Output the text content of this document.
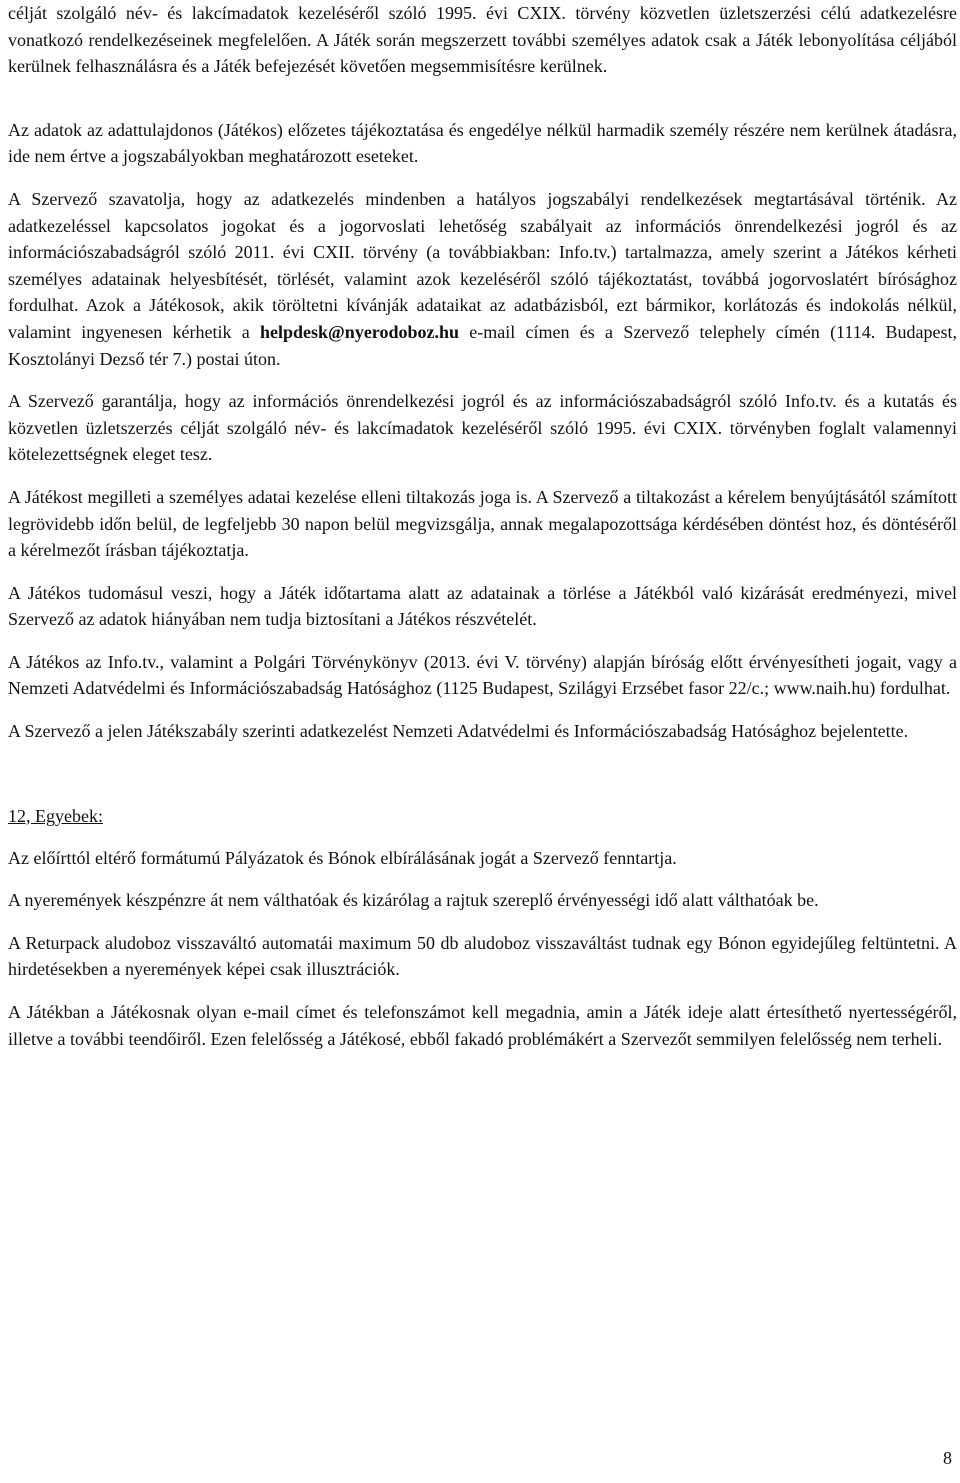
célját szolgáló név- és lakcímadatok kezeléséről szóló 1995. évi CXIX. törvény közvetlen üzletszerzési célú adatkezelésre vonatkozó rendelkezéseinek megfelelően. A Játék során megszerzett további személyes adatok csak a Játék lebonyolítása céljából kerülnek felhasználásra és a Játék befejezését követően megsemmisítésre kerülnek.

Az adatok az adattulajdonos (Játékos) előzetes tájékoztatása és engedélye nélkül harmadik személy részére nem kerülnek átadásra, ide nem értve a jogszabályokban meghatározott eseteket.

A Szervező szavatolja, hogy az adatkezelés mindenben a hatályos jogszabályi rendelkezések megtartásával történik. Az adatkezeléssel kapcsolatos jogokat és a jogorvoslati lehetőség szabályait az információs önrendelkezési jogról és az információszabadságról szóló 2011. évi CXII. törvény (a továbbiakban: Info.tv.) tartalmazza, amely szerint a Játékos kérheti személyes adatainak helyesbítését, törlését, valamint azok kezeléséről szóló tájékoztatást, továbbá jogorvoslatért bírósághoz fordulhat. Azok a Játékosok, akik töröltetni kívánják adataikat az adatbázisból, ezt bármikor, korlátozás és indokolás nélkül, valamint ingyenesen kérhetik a helpdesk@nyerodoboz.hu e-mail címen és a Szervező telephely címén (1114. Budapest, Kosztolányi Dezső tér 7.) postai úton.

A Szervező garantálja, hogy az információs önrendelkezési jogról és az információszabadságról szóló Info.tv. és a kutatás és közvetlen üzletszerzés célját szolgáló név- és lakcímadatok kezeléséről szóló 1995. évi CXIX. törvényben foglalt valamennyi kötelezettségnek eleget tesz.

A Játékost megilleti a személyes adatai kezelése elleni tiltakozás joga is. A Szervező a tiltakozást a kérelem benyújtásától számított legrövidebb időn belül, de legfeljebb 30 napon belül megvizsgálja, annak megalapozottsága kérdésében döntést hoz, és döntéséről a kérelmezőt írásban tájékoztatja.

A Játékos tudomásul veszi, hogy a Játék időtartama alatt az adatainak a törlése a Játékból való kizárását eredményezi, mivel Szervező az adatok hiányában nem tudja biztosítani a Játékos részvételét.

A Játékos az Info.tv., valamint a Polgári Törvénykönyv (2013. évi V. törvény) alapján bíróság előtt érvényesítheti jogait, vagy a Nemzeti Adatvédelmi és Információszabadság Hatósághoz (1125 Budapest, Szilágyi Erzsébet fasor 22/c.; www.naih.hu) fordulhat.

A Szervező a jelen Játékszabály szerinti adatkezelést Nemzeti Adatvédelmi és Információszabadság Hatósághoz bejelentette.

12, Egyebek:

Az előírttól eltérő formátumú Pályázatok és Bónok elbírálásának jogát a Szervező fenntartja.

A nyeremények készpénzre át nem válthatóak és kizárólag a rajtuk szereplő érvényességi idő alatt válthatóak be.

A Returpack aludoboz visszaváltó automatái maximum 50 db aludoboz visszaváltást tudnak egy Bónon egyidejűleg feltüntetni. A hirdetésekben a nyeremények képei csak illusztrációk.

A Játékban a Játékosnak olyan e-mail címet és telefonszámot kell megadnia, amin a Játék ideje alatt értesíthető nyertességéről, illetve a további teendőiről. Ezen felelősség a Játékosé, ebből fakadó problémákért a Szervezőt semmilyen felelősség nem terheli.

8
